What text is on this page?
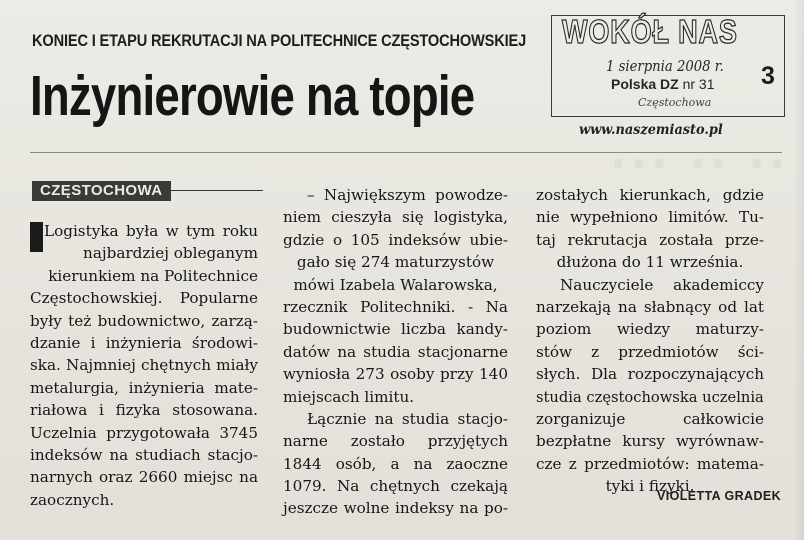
KONIEC I ETAPU REKRUTACJI NA POLITECHNICE CZĘSTOCHOWSKIEJ
Inżynierowie na topie
WOKÓŁ NAS
1 sierpnia 2008 r.
Polska DZ nr 31
Częstochowa
3
www.naszemiasto.pl
CZĘSTOCHOWA
Logistyka była w tym roku
najbardziej obleganym
kierunkiem na Politechnice
Częstochowskiej. Popularne
były też budownictwo, zarzą-
dzanie i inżynieria środowi-
ska. Najmniej chętnych miały
metalurgia, inżynieria mate-
riałowa i fizyka stosowana.
Uczelnia przygotowała 3745
indeksów na studiach stacjo-
narnych oraz 2660 miejsc na
zaocznych.
– Największym powodze-
niem cieszyła się logistyka,
gdzie o 105 indeksów ubie-
gało się 274 maturzystów
mówi Izabela Walarowska,
rzecznik Politechniki. - Na
budownictwie liczba kandy-
datów na studia stacjonarne
wyniosła 273 osoby przy 140
miejscach limitu.
Łącznie na studia stacjo-
narne zostało przyjętych
1844 osób, a na zaoczne
1079. Na chętnych czekają
jeszcze wolne indeksy na po-
zostałych kierunkach, gdzie
nie wypełniono limitów. Tu-
taj rekrutacja została prze-
dłużona do 11 września.
Nauczyciele akademiccy
narzekają na słabnący od lat
poziom wiedzy maturzy-
stów z przedmiotów ści-
słych. Dla rozpoczynających
studia częstochowska uczelnia
zorganizuje całkowicie
bezpłatne kursy wyrównaw-
cze z przedmiotów: matema-
tyki i fizyki.
VIOLETTA GRADEK
